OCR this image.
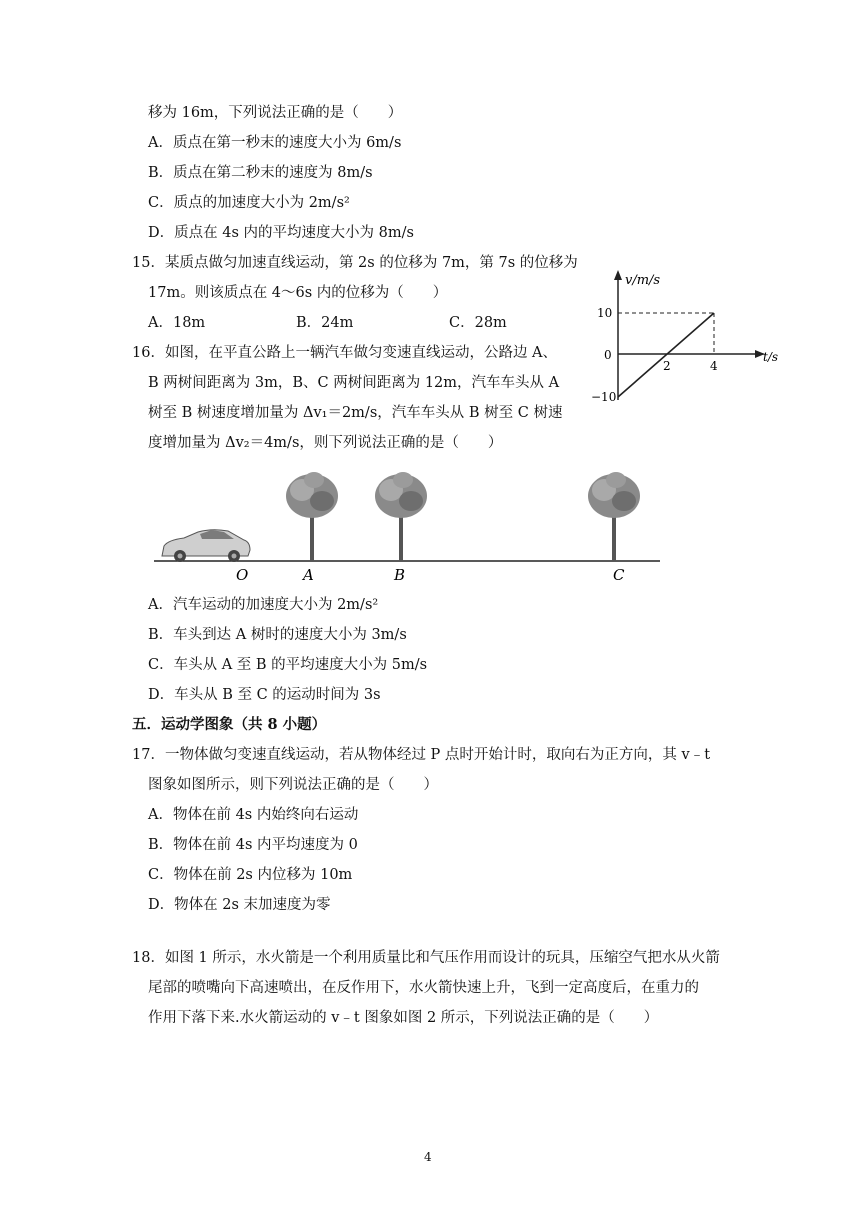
移为 16m，下列说法正确的是（　　）
A．质点在第一秒末的速度大小为 6m/s
B．质点在第二秒末的速度为 8m/s
C．质点的加速度大小为 2m/s²
D．质点在 4s 内的平均速度大小为 8m/s
15．某质点做匀加速直线运动，第 2s 的位移为 7m，第 7s 的位移为
17m。则该质点在 4～6s 内的位移为（　　）
A．18m	B．24m	C．28m
16．如图，在平直公路上一辆汽车做匀变速直线运动，公路边 A、
B 两树间距离为 3m，B、C 两树间距离为 12m，汽车车头从 A
树至 B 树速度增加量为 Δv₁＝2m/s，汽车车头从 B 树至 C 树速
度增加量为 Δv₂＝4m/s，则下列说法正确的是（　　）
v/m/s
t/s
10
0
−10
2	4
O	A	B	C
A．汽车运动的加速度大小为 2m/s²
B．车头到达 A 树时的速度大小为 3m/s
C．车头从 A 至 B 的平均速度大小为 5m/s
D．车头从 B 至 C 的运动时间为 3s
五．运动学图象（共 8 小题）
17．一物体做匀变速直线运动，若从物体经过 P 点时开始计时，取向右为正方向，其 v﹣t
图象如图所示，则下列说法正确的是（　　）
A．物体在前 4s 内始终向右运动
B．物体在前 4s 内平均速度为 0
C．物体在前 2s 内位移为 10m
D．物体在 2s 末加速度为零
18．如图 1 所示，水火箭是一个利用质量比和气压作用而设计的玩具，压缩空气把水从火箭
尾部的喷嘴向下高速喷出，在反作用下，水火箭快速上升，飞到一定高度后，在重力的
作用下落下来.水火箭运动的 v﹣t 图象如图 2 所示，下列说法正确的是（　　）
4
